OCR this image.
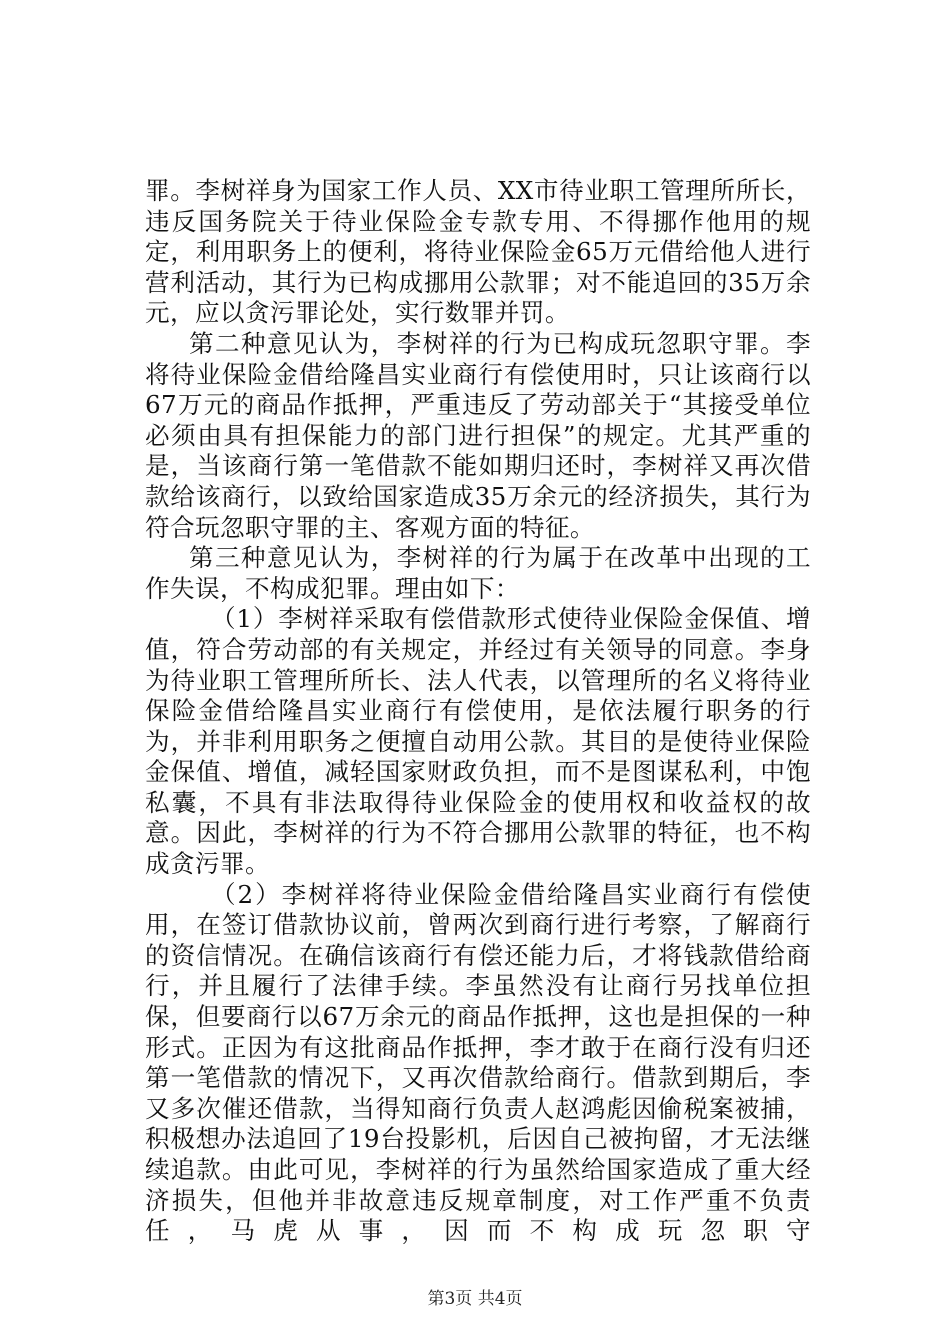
罪。李树祥身为国家工作人员、XX市待业职工管理所所长，违反国务院关于待业保险金专款专用、不得挪作他用的规定，利用职务上的便利，将待业保险金65万元借给他人进行营利活动，其行为已构成挪用公款罪；对不能追回的35万余元，应以贪污罪论处，实行数罪并罚。

第二种意见认为，李树祥的行为已构成玩忽职守罪。李将待业保险金借给隆昌实业商行有偿使用时，只让该商行以67万元的商品作抵押，严重违反了劳动部关于“其接受单位必须由具有担保能力的部门进行担保”的规定。尤其严重的是，当该商行第一笔借款不能如期归还时，李树祥又再次借款给该商行，以致给国家造成35万余元的经济损失，其行为符合玩忽职守罪的主、客观方面的特征。

第三种意见认为，李树祥的行为属于在改革中出现的工作失误，不构成犯罪。理由如下：

（1）李树祥采取有偿借款形式使待业保险金保值、增值，符合劳动部的有关规定，并经过有关领导的同意。李身为待业职工管理所所长、法人代表，以管理所的名义将待业保险金借给隆昌实业商行有偿使用，是依法履行职务的行为，并非利用职务之便擅自动用公款。其目的是使待业保险金保值、增值，减轻国家财政负担，而不是图谋私利，中饱私囊，不具有非法取得待业保险金的使用权和收益权的故意。因此，李树祥的行为不符合挪用公款罪的特征，也不构成贪污罪。

（2）李树祥将待业保险金借给隆昌实业商行有偿使用，在签订借款协议前，曾两次到商行进行考察，了解商行的资信情况。在确信该商行有偿还能力后，才将钱款借给商行，并且履行了法律手续。李虽然没有让商行另找单位担保，但要商行以67万余元的商品作抵押，这也是担保的一种形式。正因为有这批商品作抵押，李才敢于在商行没有归还第一笔借款的情况下，又再次借款给商行。借款到期后，李又多次催还借款，当得知商行负责人赵鸿彪因偷税案被捕，积极想办法追回了19台投影机，后因自己被拘留，才无法继续追款。由此可见，李树祥的行为虽然给国家造成了重大经济损失，但他并非故意违反规章制度，对工作严重不负责任，马虎从事，因而不构成玩忽职守

第3页 共4页
